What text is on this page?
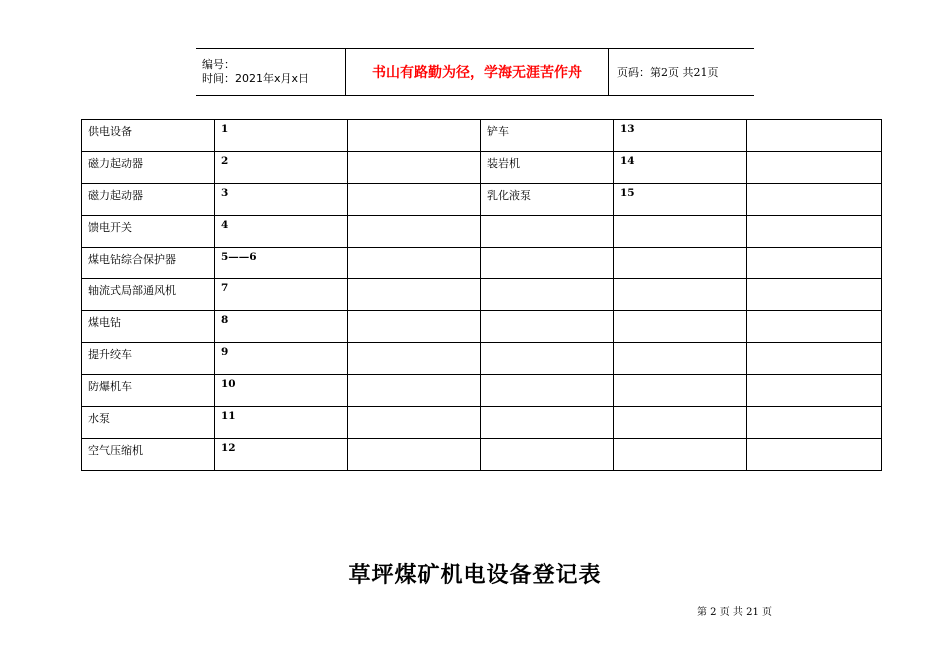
编号：
时间：2021年x月x日	书山有路勤为径，学海无涯苦作舟	页码：第2页 共21页
供电设备	1		铲车	13	
磁力起动器	2		装岩机	14	
磁力起动器	3		乳化液泵	15	
馈电开关	4				
煤电钻综合保护器	5——6				
轴流式局部通风机	7				
煤电钻	8				
提升绞车	9				
防爆机车	10				
水泵	11				
空气压缩机	12				
草坪煤矿机电设备登记表
第 2 页 共 21 页
